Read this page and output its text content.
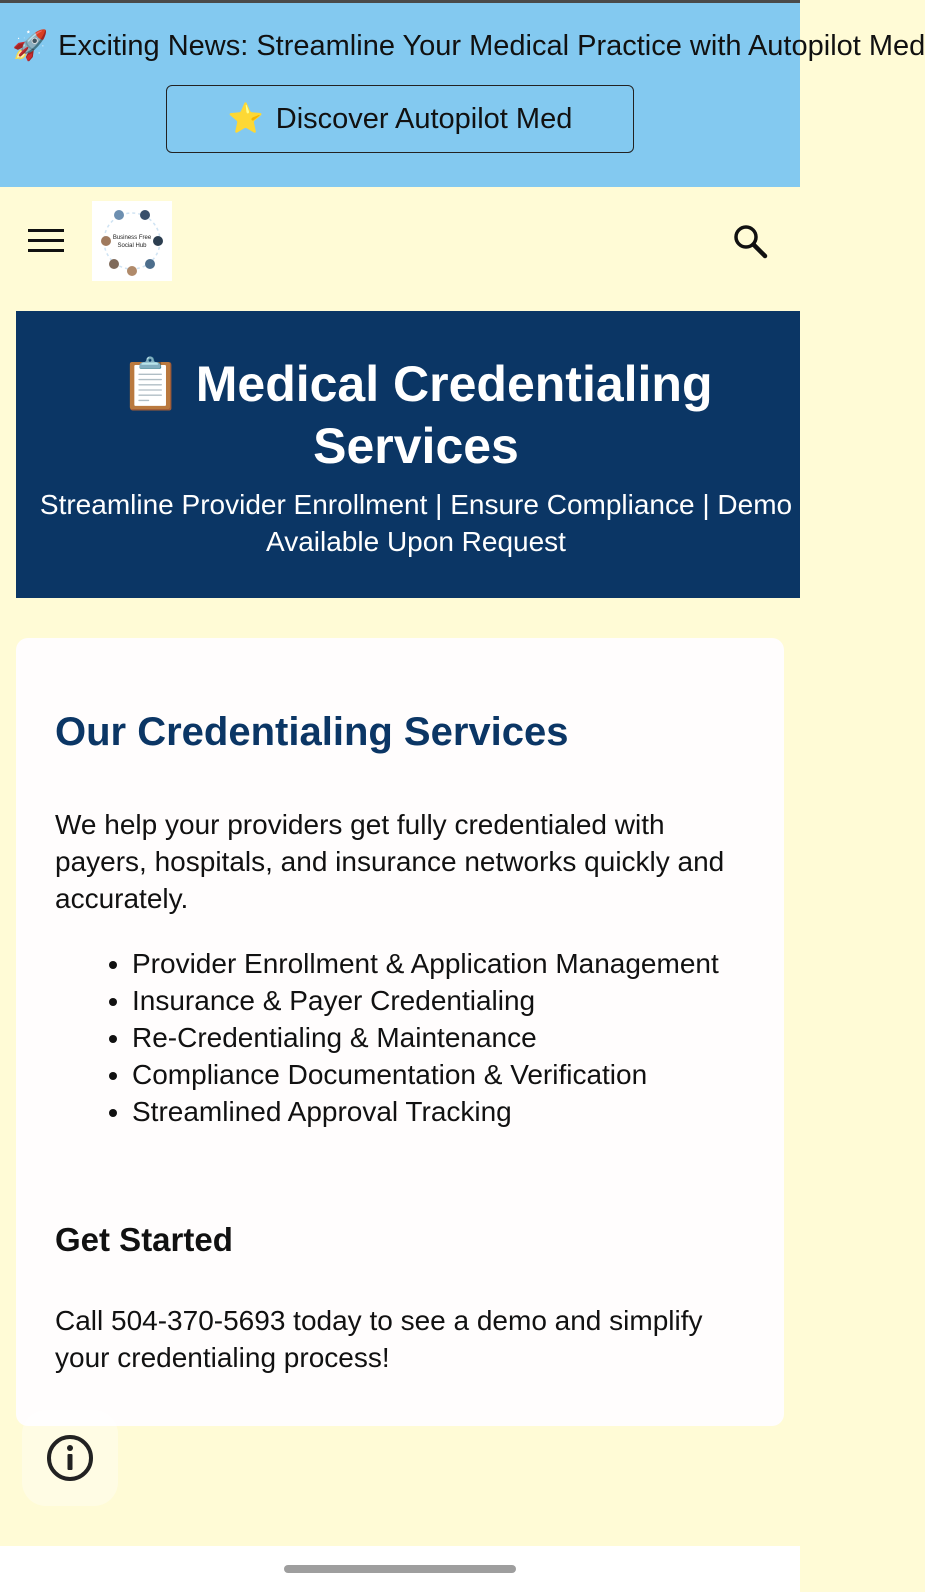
🚀 Exciting News: Streamline Your Medical Practice with Autopilot Med
⭐ Discover Autopilot Med
Business Free
Social Hub
📋 Medical Credentialing Services

Streamline Provider Enrollment | Ensure Compliance | Demo Available Upon Request

Our Credentialing Services

We help your providers get fully credentialed with payers, hospitals, and insurance networks quickly and accurately.

• Provider Enrollment & Application Management
• Insurance & Payer Credentialing
• Re-Credentialing & Maintenance
• Compliance Documentation & Verification
• Streamlined Approval Tracking
Get Started

Call 504-370-5693 today to see a demo and simplify your credentialing process!
